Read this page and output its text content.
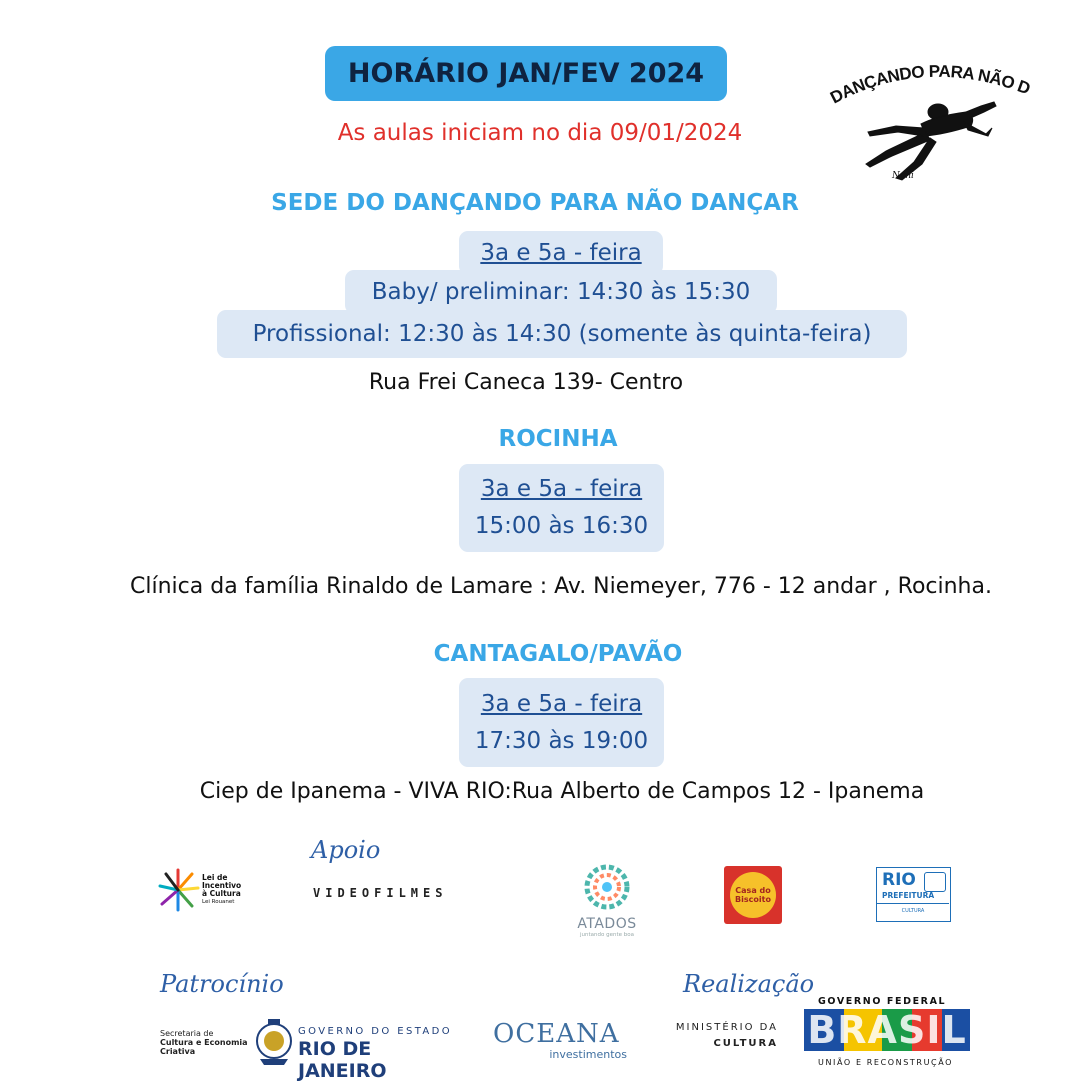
HORÁRIO JAN/FEV 2024
As aulas iniciam no dia 09/01/2024
DANÇANDO PARA NÃO D
Nani
SEDE DO DANÇANDO PARA NÃO DANÇAR
3a e 5a - feira
Baby/ preliminar: 14:30 às 15:30
Profissional: 12:30 às 14:30 (somente às quinta-feira)
Rua Frei Caneca 139- Centro
ROCINHA
3a e 5a - feira
15:00 às 16:30
Clínica da família Rinaldo de Lamare : Av. Niemeyer, 776 - 12 andar , Rocinha.
CANTAGALO/PAVÃO
3a e 5a - feira
17:30 às 19:00
Ciep de Ipanema - VIVA RIO:Rua Alberto de Campos 12 - Ipanema
Apoio
Lei de
Incentivo
à Cultura
Lei Rouanet
VIDEOFILMES
ATADOS
juntando gente boa
Casa do
Biscoito
RIO
PREFEITURA
CULTURA
Patrocínio	Realização
Secretaria de
Cultura e Economia
Criativa
GOVERNO DO ESTADO
RIO DE JANEIRO
OCEANA
investimentos
MINISTÉRIO DA
CULTURA
GOVERNO FEDERAL
BRASIL
UNIÃO E RECONSTRUÇÃO
